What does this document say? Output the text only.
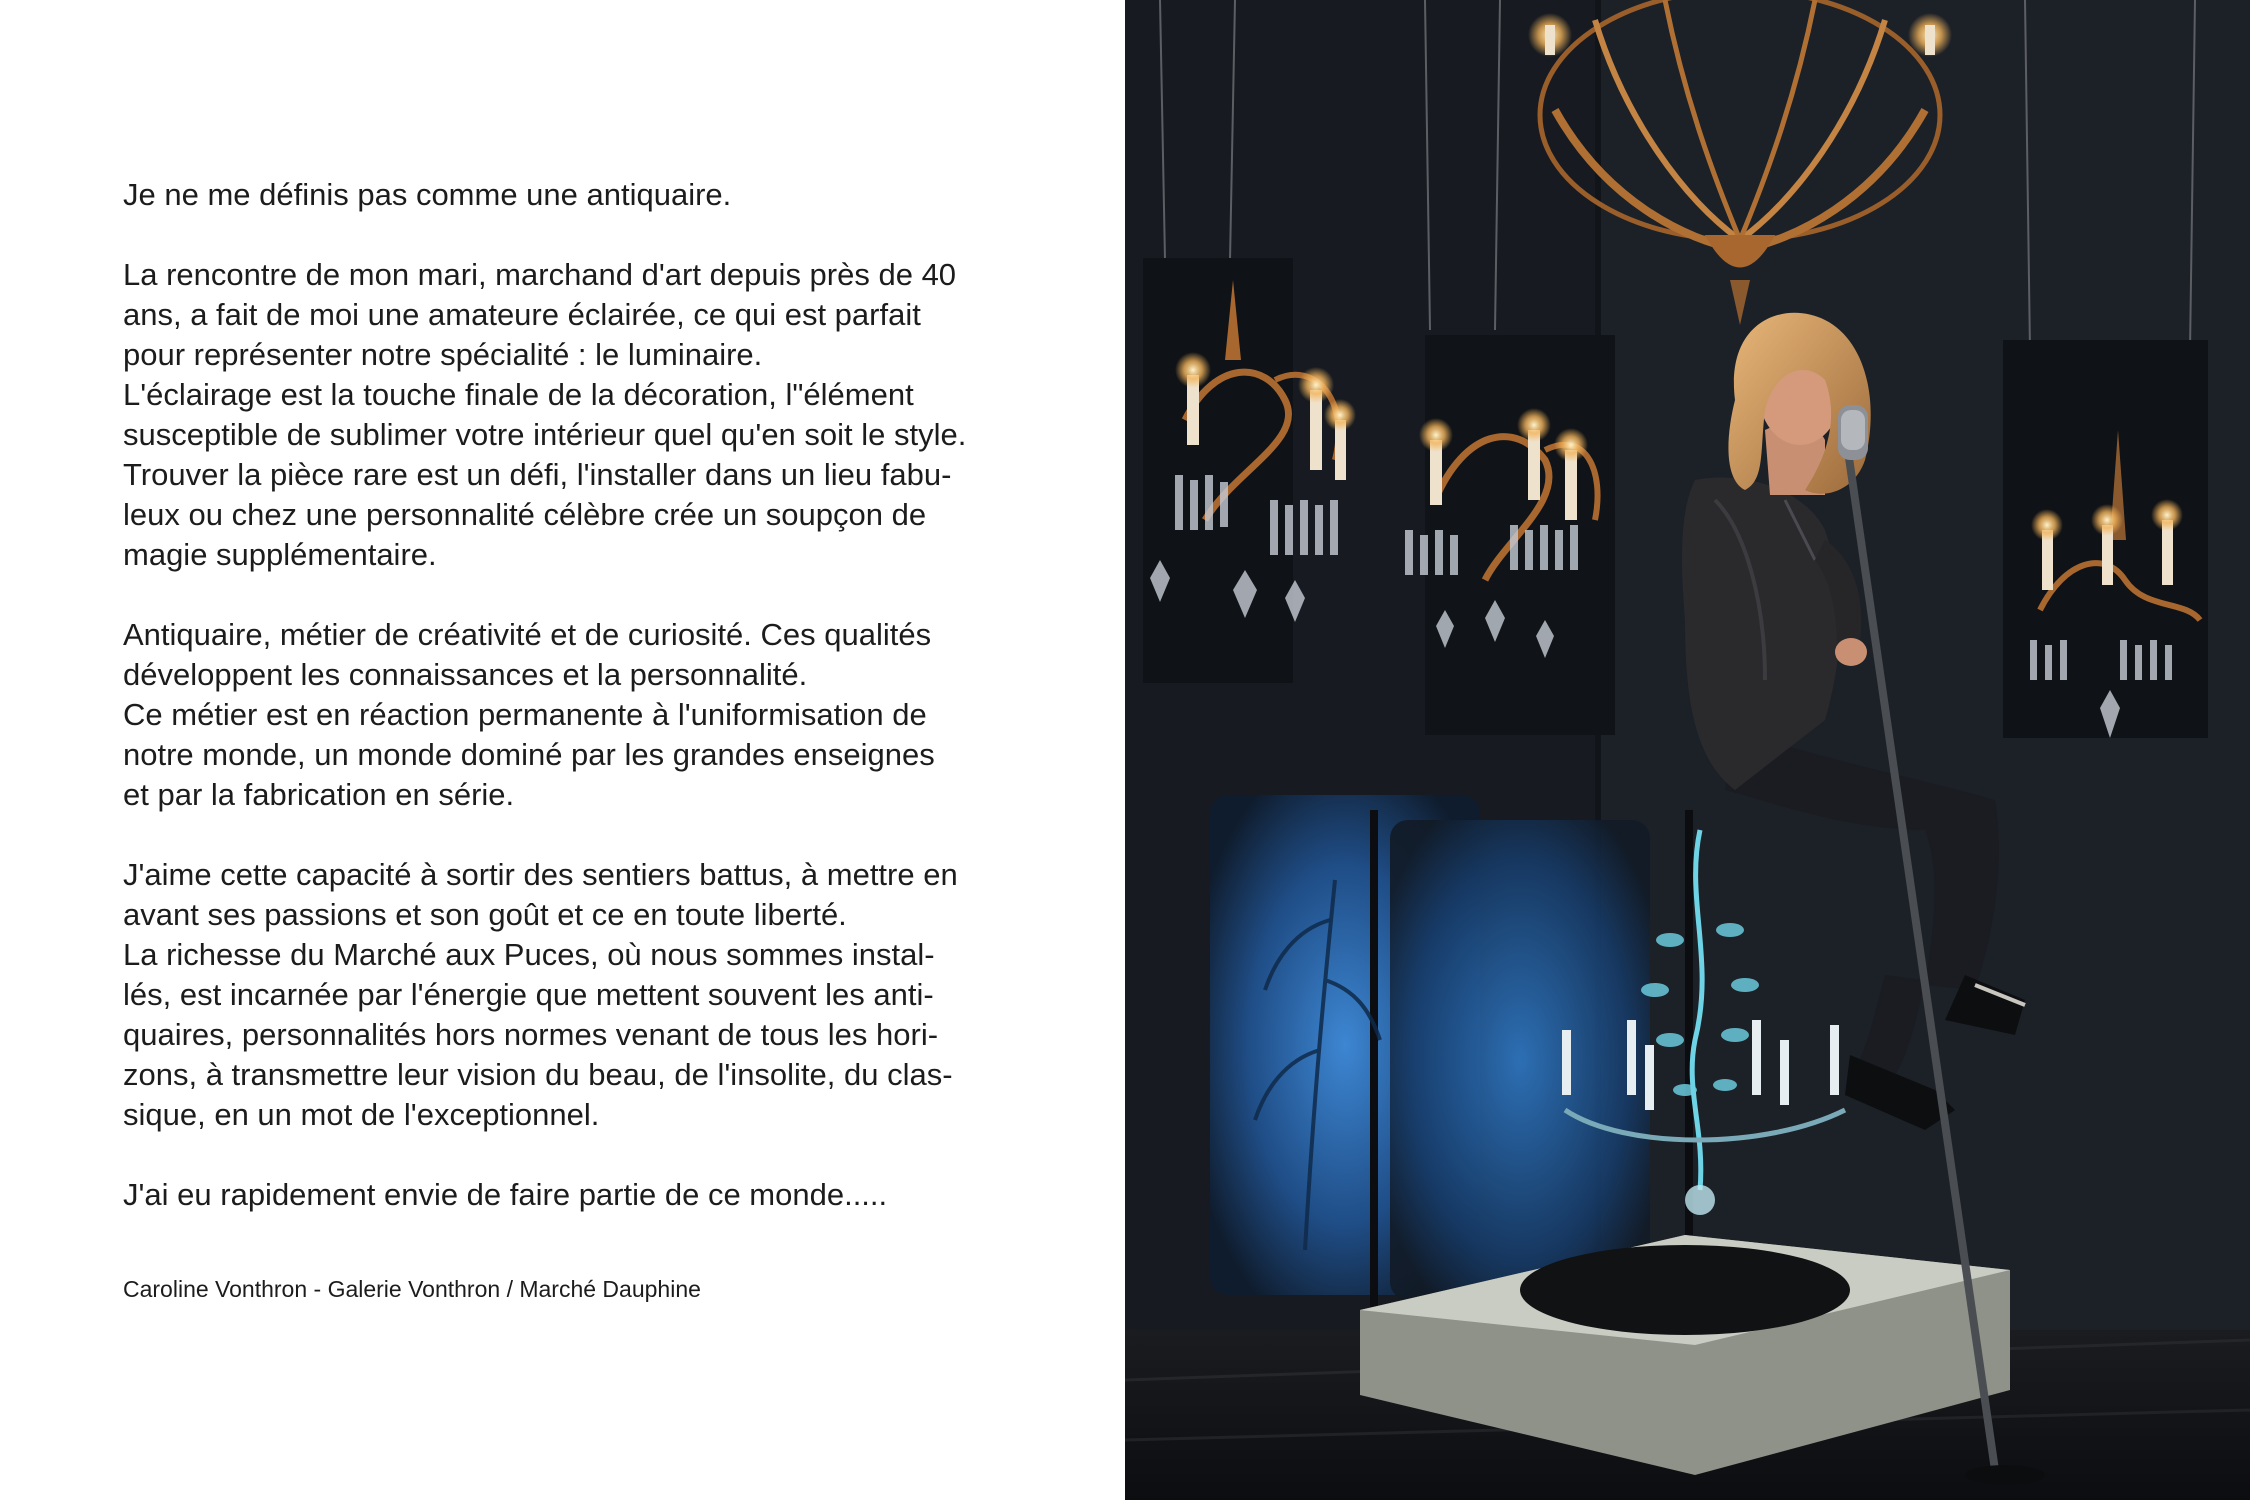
Je ne me définis pas comme une antiquaire.

La rencontre de mon mari, marchand d'art depuis près de 40
ans, a fait de moi une amateure éclairée, ce qui est parfait
pour représenter notre spécialité : le luminaire.
L'éclairage est la touche finale de la décoration, l"élément
susceptible de sublimer votre intérieur quel qu'en soit le style.
Trouver la pièce rare est un défi, l'installer dans un lieu fabu-
leux ou chez une personnalité célèbre crée un soupçon de
magie supplémentaire.

Antiquaire, métier de créativité et de curiosité. Ces qualités
développent les connaissances et la personnalité.
Ce métier est en réaction permanente à l'uniformisation de
notre monde, un monde dominé par les grandes enseignes
et par la fabrication en série.

J'aime cette capacité à sortir des sentiers battus, à mettre en
avant ses passions et son goût et ce en toute liberté.
La richesse du Marché aux Puces, où nous sommes instal-
lés, est incarnée par l'énergie que mettent souvent les anti-
quaires, personnalités hors normes venant de tous les hori-
zons, à transmettre leur vision du beau, de l'insolite, du clas-
sique, en un mot de l'exceptionnel.

J'ai eu rapidement envie de faire partie de ce monde.....

Caroline Vonthron - Galerie Vonthron / Marché Dauphine
